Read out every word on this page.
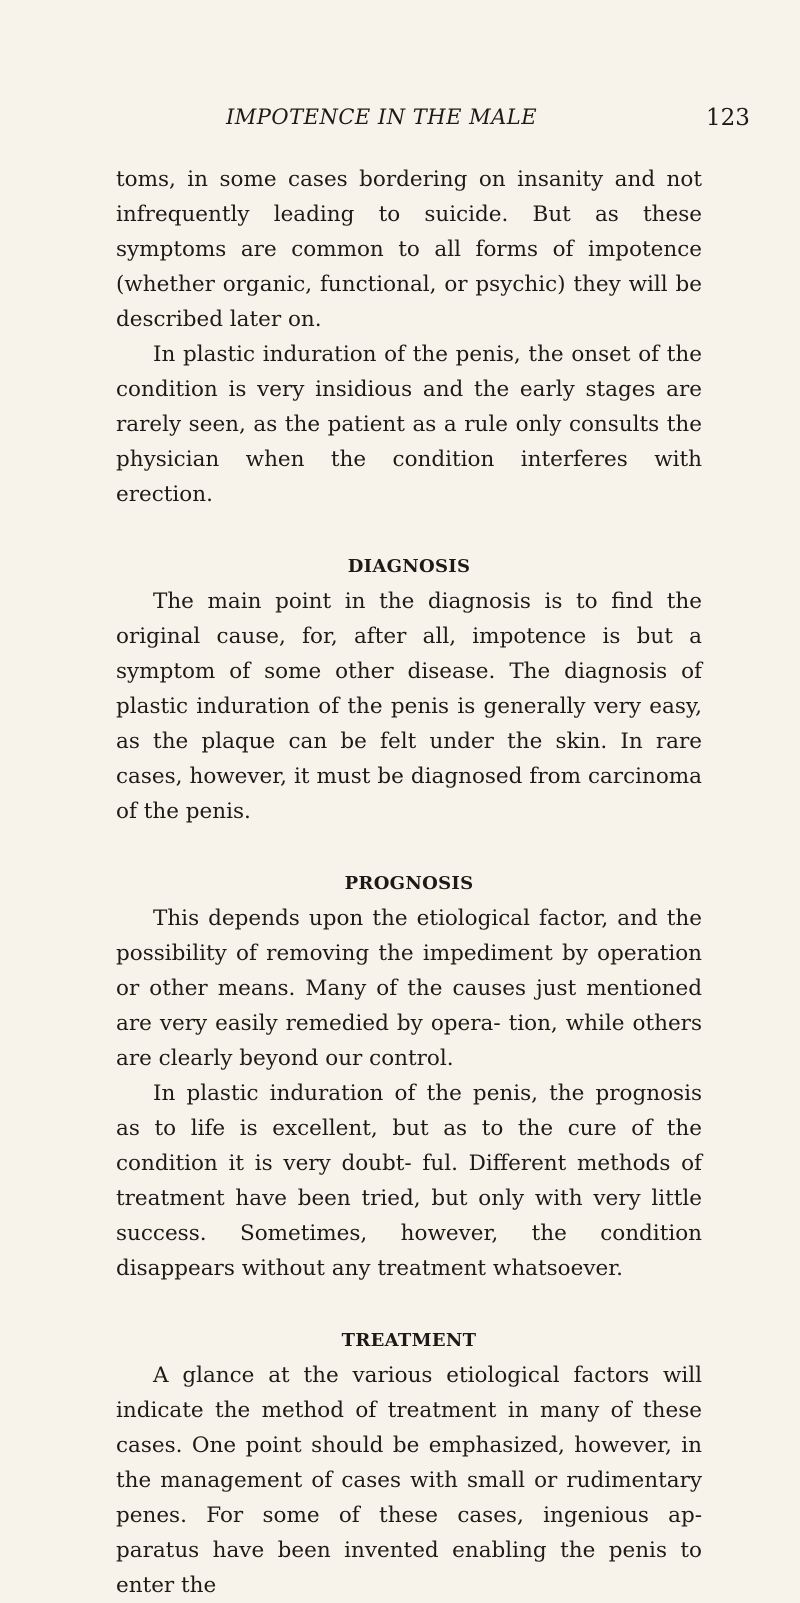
IMPOTENCE IN THE MALE	123

toms, in some cases bordering on insanity and not infrequently leading to suicide. But as these symptoms are common to all forms of impotence (whether organic, functional, or psychic) they will be described later on.

In plastic induration of the penis, the onset of the condition is very insidious and the early stages are rarely seen, as the patient as a rule only consults the physician when the condition interferes with erection.

DIAGNOSIS

The main point in the diagnosis is to find the original cause, for, after all, impotence is but a symptom of some other disease. The diagnosis of plastic induration of the penis is generally very easy, as the plaque can be felt under the skin. In rare cases, however, it must be diagnosed from carcinoma of the penis.

PROGNOSIS

This depends upon the etiological factor, and the possibility of removing the impediment by operation or other means. Many of the causes just mentioned are very easily remedied by opera- tion, while others are clearly beyond our control.

In plastic induration of the penis, the prognosis as to life is excellent, but as to the cure of the condition it is very doubt- ful. Different methods of treatment have been tried, but only with very little success. Sometimes, however, the condition disappears without any treatment whatsoever.

TREATMENT

A glance at the various etiological factors will indicate the method of treatment in many of these cases. One point should be emphasized, however, in the management of cases with small or rudimentary penes. For some of these cases, ingenious ap- paratus have been invented enabling the penis to enter the
